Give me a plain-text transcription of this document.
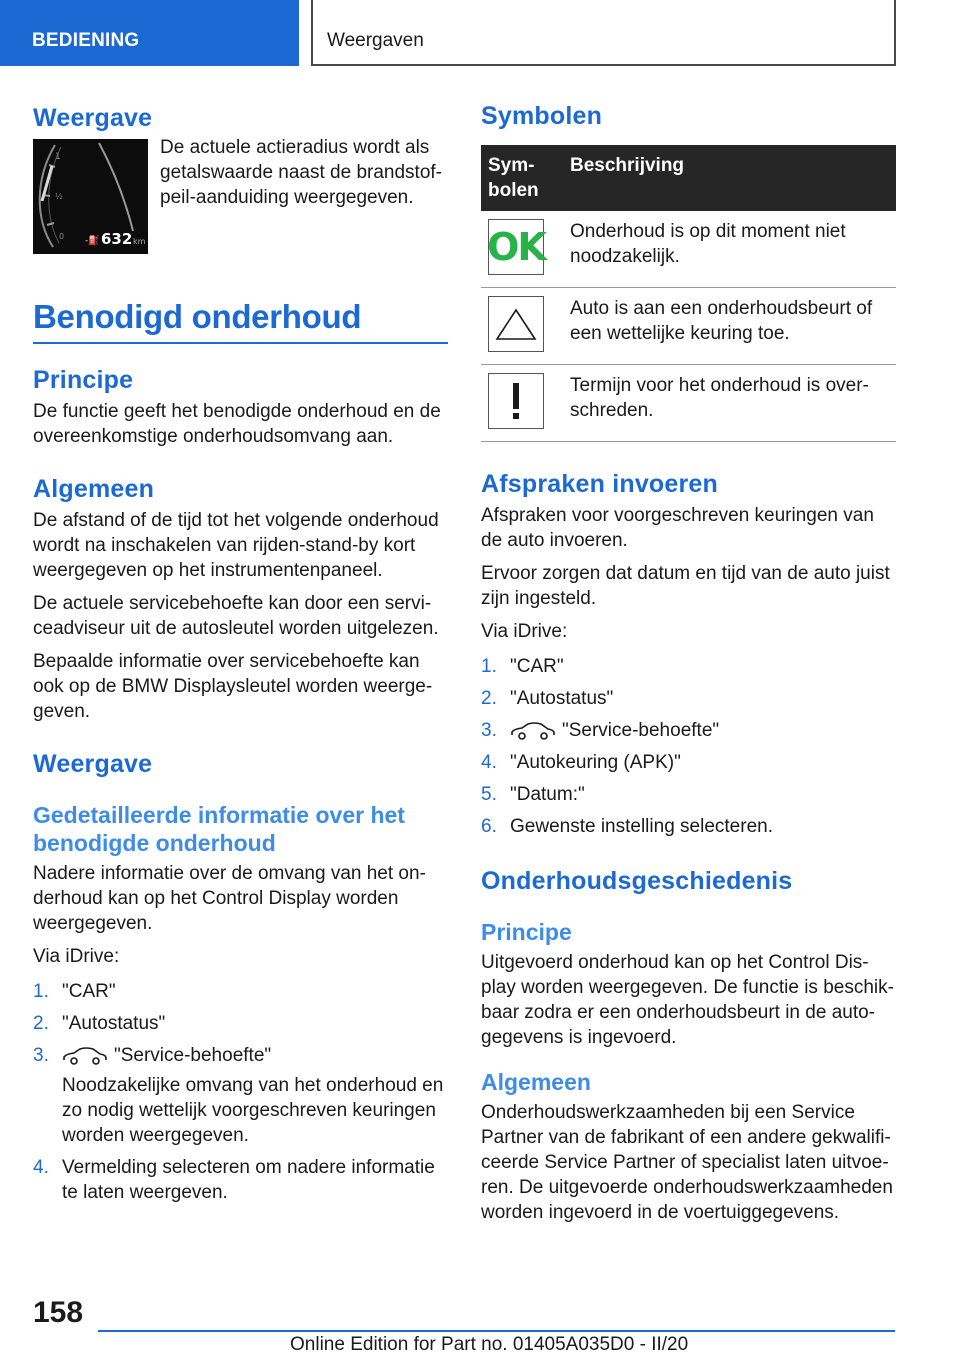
BEDIENING	Weergaven
Weergave
1
½
0 -⛽ 632 km

De actuele actieradius wordt als getalswaarde naast de brandstof-peil-aanduiding weergegeven.

Benodigd onderhoud
Principe

De functie geeft het benodigde onderhoud en de overeenkomstige onderhoudsomvang aan.

Algemeen

De afstand of de tijd tot het volgende onderhoud wordt na inschakelen van rijden-stand-by kort weergegeven op het instrumentenpaneel.

De actuele servicebehoefte kan door een servi-ceadviseur uit de autosleutel worden uitgelezen.

Bepaalde informatie over servicebehoefte kan ook op de BMW Displaysleutel worden weerge-geven.

Weergave
Gedetailleerde informatie over het benodigde onderhoud

Nadere informatie over de omvang van het on-derhoud kan op het Control Display worden weergegeven.

Via iDrive:

1. "CAR"
2. "Autostatus"
3.	"Service-behoefte"
Noodzakelijke omvang van het onderhoud en zo nodig wettelijk voorgeschreven keuringen worden weergegeven.
4. Vermelding selecteren om nadere informatie te laten weergeven.
Symbolen
Sym-bolen	Beschrijving

OK	Onderhoud is op dit moment niet noodzakelijk.

	Auto is aan een onderhoudsbeurt of een wettelijke keuring toe.

	Termijn voor het onderhoud is over-schreden.
Afspraken invoeren

Afspraken voor voorgeschreven keuringen van de auto invoeren.

Ervoor zorgen dat datum en tijd van de auto juist zijn ingesteld.

Via iDrive:

1. "CAR"
2. "Autostatus"
3.	"Service-behoefte"
4. "Autokeuring (APK)"
5. "Datum:"
6. Gewenste instelling selecteren.
Onderhoudsgeschiedenis
Principe

Uitgevoerd onderhoud kan op het Control Dis-play worden weergegeven. De functie is beschik-baar zodra er een onderhoudsbeurt in de auto-gegevens is ingevoerd.

Algemeen

Onderhoudswerkzaamheden bij een Service Partner van de fabrikant of een andere gekwalifi-ceerde Service Partner of specialist laten uitvoe-ren. De uitgevoerde onderhoudswerkzaamheden worden ingevoerd in de voertuiggegevens.

158
Online Edition for Part no. 01405A035D0 - II/20
